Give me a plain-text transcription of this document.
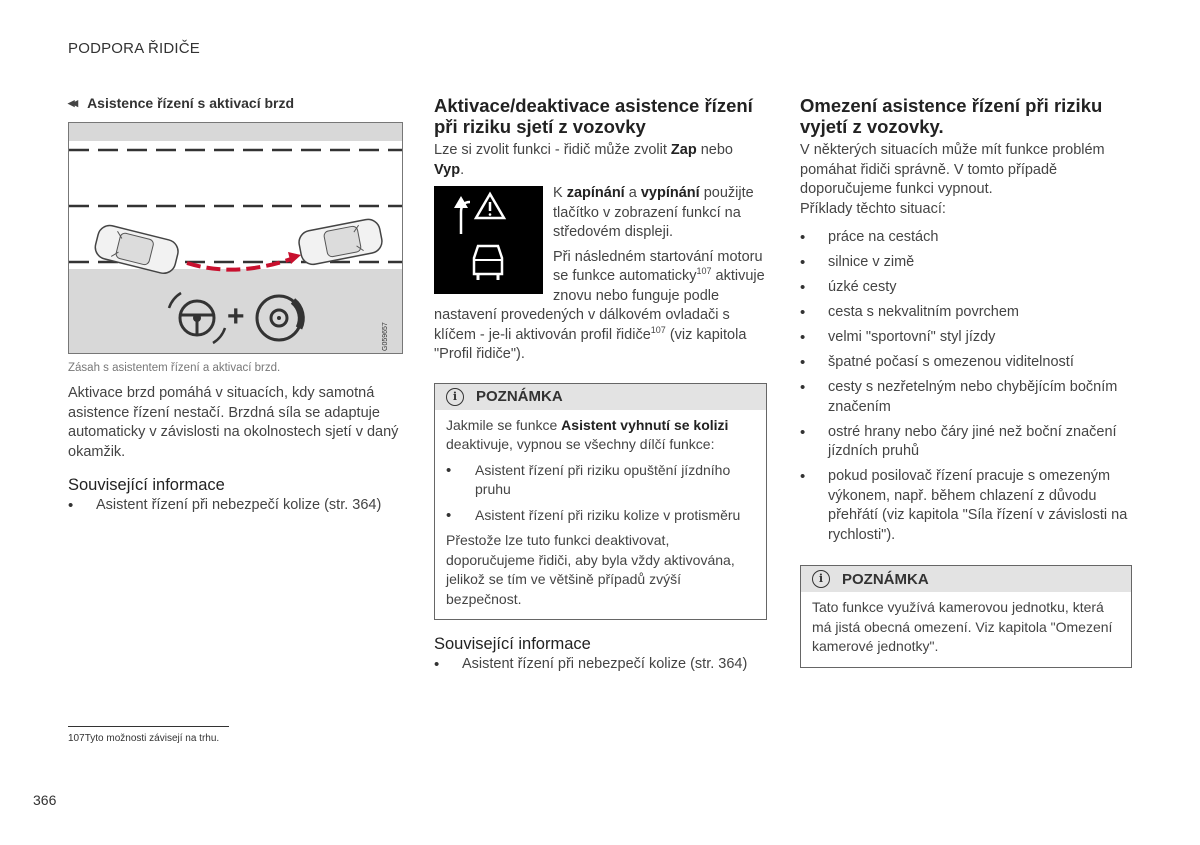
PODPORA ŘIDIČE
◂◂ Asistence řízení s aktivací brzd
+
G059657
Zásah s asistentem řízení a aktivací brzd.

Aktivace brzd pomáhá v situacích, kdy samotná asistence řízení nestačí. Brzdná síla se adaptuje automaticky v závislosti na okolnostech sjetí v daný okamžik.

Související informace
• Asistent řízení při nebezpečí kolize (str. 364)
Aktivace/deaktivace asistence řízení při riziku sjetí z vozovky

Lze si zvolit funkci - řidič může zvolit Zap nebo Vyp.

K zapínání a vypínání použijte tlačítko v zobrazení funkcí na středovém displeji.

Při následném startování motoru se funkce automaticky$^{107}$ aktivuje znovu nebo funguje podle nastavení provedených v dálkovém ovladači s klíčem - je-li aktivován profil řidiče$^{107}$ (viz kapitola "Profil řidiče").

i	POZNÁMKA

Jakmile se funkce Asistent vyhnutí se kolizi deaktivuje, vypnou se všechny dílčí funkce:

• Asistent řízení při riziku opuštění jízdního pruhu
• Asistent řízení při riziku kolize v protisměru

Přestože lze tuto funkci deaktivovat, doporučujeme řidiči, aby byla vždy aktivována, jelikož se tím ve většině případů zvýší bezpečnost.

Související informace
• Asistent řízení při nebezpečí kolize (str. 364)
Omezení asistence řízení při riziku vyjetí z vozovky.

V některých situacích může mít funkce problém pomáhat řidiči správně. V tomto případě doporučujeme funkci vypnout.

Příklady těchto situací:

• práce na cestách
• silnice v zimě
• úzké cesty
• cesta s nekvalitním povrchem
• velmi "sportovní" styl jízdy
• špatné počasí s omezenou viditelností
• cesty s nezřetelným nebo chybějícím bočním značením
• ostré hrany nebo čáry jiné než boční značení jízdních pruhů
• pokud posilovač řízení pracuje s omezeným výkonem, např. během chlazení z důvodu přehřátí (viz kapitola "Síla řízení v závislosti na rychlosti").
i	POZNÁMKA

Tato funkce využívá kamerovou jednotku, která má jistá obecná omezení. Viz kapitola "Omezení kamerové jednotky".

107Tyto možnosti závisejí na trhu.
366
